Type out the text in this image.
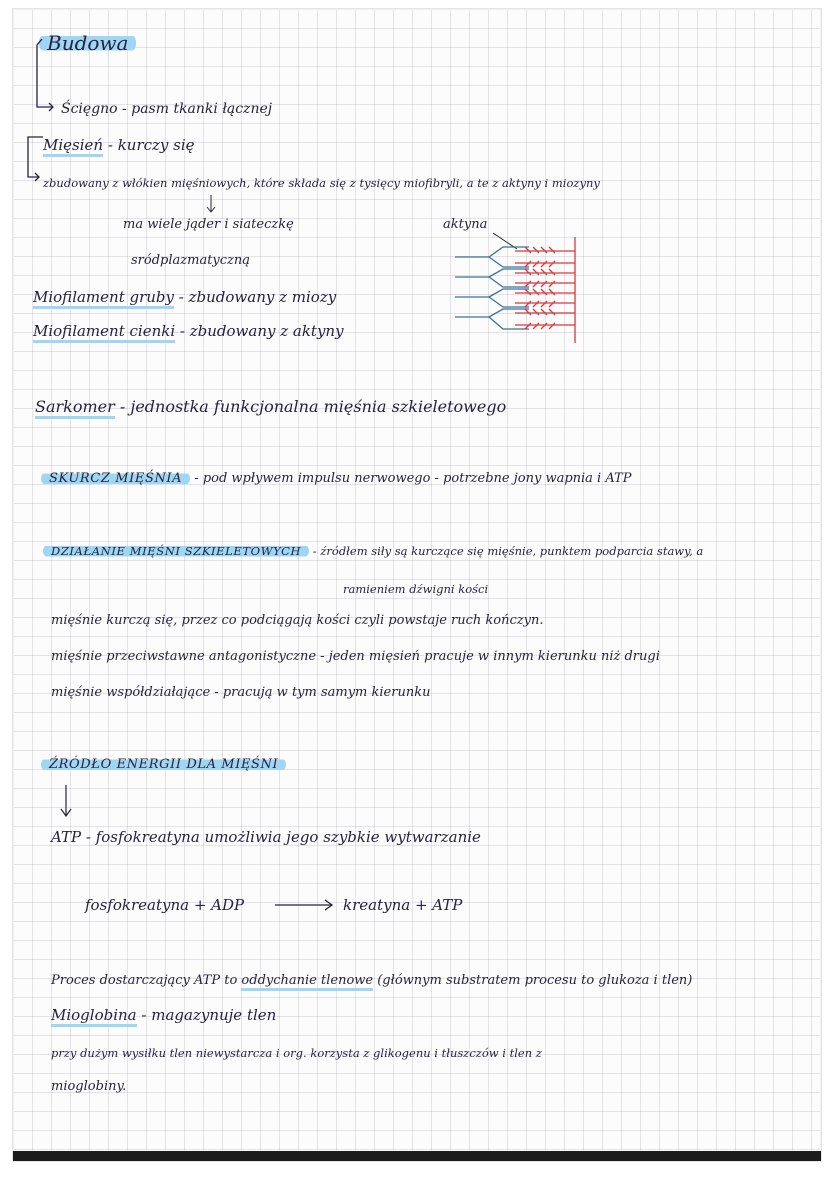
Budowa
Ścięgno - pasm tkanki łącznej
Mięsień - kurczy się
zbudowany z włókien mięśniowych, które składa się z tysięcy miofibryli, a te z aktyny i miozyny
ma wiele jąder i siateczkę
sródplazmatyczną
aktyna
Miofilament gruby - zbudowany z miozy
Miofilament cienki - zbudowany z aktyny
Sarkomer - jednostka funkcjonalna mięśnia szkieletowego
SKURCZ MIĘŚNIA - pod wpływem impulsu nerwowego - potrzebne jony wapnia i ATP
DZIAŁANIE MIĘŚNI SZKIELETOWYCH - źródłem siły są kurczące się mięśnie, punktem podparcia stawy, a
ramieniem dźwigni kości
mięśnie kurczą się, przez co podciągają kości czyli powstaje ruch kończyn.
mięśnie przeciwstawne antagonistyczne - jeden mięsień pracuje w innym kierunku niż drugi
mięśnie współdziałające - pracują w tym samym kierunku
ŹRÓDŁO ENERGII DLA MIĘŚNI
ATP - fosfokreatyna umożliwia jego szybkie wytwarzanie
fosfokreatyna + ADP	kreatyna + ATP
Proces dostarczający ATP to oddychanie tlenowe (głównym substratem procesu to glukoza i tlen)
Mioglobina - magazynuje tlen
przy dużym wysiłku tlen niewystarcza i org. korzysta z glikogenu i tłuszczów i tlen z
mioglobiny.
